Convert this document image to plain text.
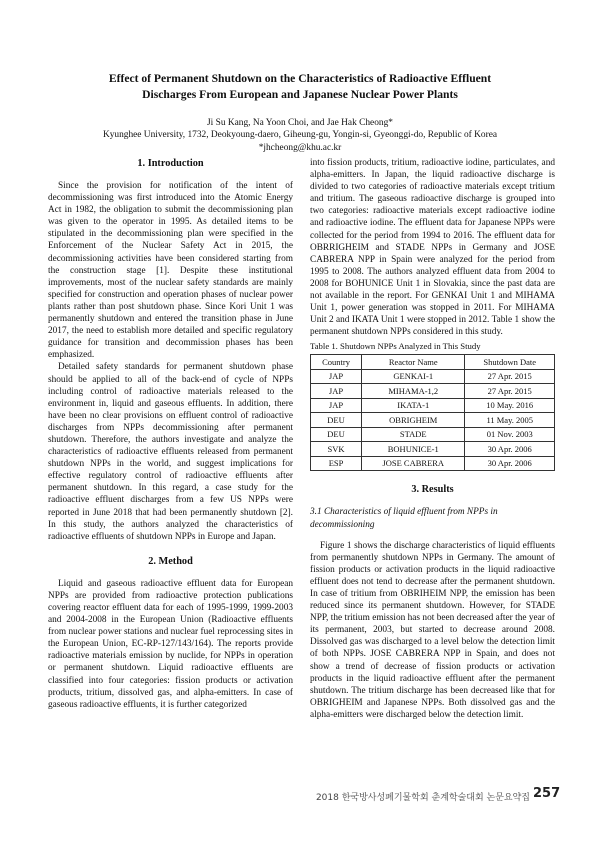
Effect of Permanent Shutdown on the Characteristics of Radioactive Effluent
Discharges From European and Japanese Nuclear Power Plants
Ji Su Kang, Na Yoon Choi, and Jae Hak Cheong*
Kyunghee University, 1732, Deokyoung-daero, Giheung-gu, Yongin-si, Gyeonggi-do, Republic of Korea
*jhcheong@khu.ac.kr
1. Introduction

Since the provision for notification of the intent of decommissioning was first introduced into the Atomic Energy Act in 1982, the obligation to submit the decommissioning plan was given to the operator in 1995. As detailed items to be stipulated in the decommissioning plan were specified in the Enforcement of the Nuclear Safety Act in 2015, the decommissioning activities have been considered starting from the construction stage [1]. Despite these institutional improvements, most of the nuclear safety standards are mainly specified for construction and operation phases of nuclear power plants rather than post shutdown phase. Since Kori Unit 1 was permanently shutdown and entered the transition phase in June 2017, the need to establish more detailed and specific regulatory guidance for transition and decommission phases has been emphasized.

Detailed safety standards for permanent shutdown phase should be applied to all of the back-end of cycle of NPPs including control of radioactive materials released to the environment in, liquid and gaseous effluents. In addition, there have been no clear provisions on effluent control of radioactive discharges from NPPs decommissioning after permanent shutdown. Therefore, the authors investigate and analyze the characteristics of radioactive effluents released from permanent shutdown NPPs in the world, and suggest implications for effective regulatory control of radioactive effluents after permanent shutdown. In this regard, a case study for the radioactive effluent discharges from a few US NPPs were reported in June 2018 that had been permanently shutdown [2]. In this study, the authors analyzed the characteristics of radioactive effluents of shutdown NPPs in Europe and Japan.

2. Method

Liquid and gaseous radioactive effluent data for European NPPs are provided from radioactive protection publications covering reactor effluent data for each of 1995-1999, 1999-2003 and 2004-2008 in the European Union (Radioactive effluents from nuclear power stations and nuclear fuel reprocessing sites in the European Union, EC-RP-127/143/164). The reports provide radioactive materials emission by nuclide, for NPPs in operation or permanent shutdown. Liquid radioactive effluents are classified into four categories: fission products or activation products, tritium, dissolved gas, and alpha-emitters. In case of gaseous radioactive effluents, it is further categorized

into fission products, tritium, radioactive iodine, particulates, and alpha-emitters. In Japan, the liquid radioactive discharge is divided to two categories of radioactive materials except tritium and tritium. The gaseous radioactive discharge is grouped into two categories: radioactive materials except radioactive iodine and radioactive iodine. The effluent data for Japanese NPPs were collected for the period from 1994 to 2016. The effluent data for OBRRIGHEIM and STADE NPPs in Germany and JOSE CABRERA NPP in Spain were analyzed for the period from 1995 to 2008. The authors analyzed effluent data from 2004 to 2008 for BOHUNICE Unit 1 in Slovakia, since the past data are not available in the report. For GENKAI Unit 1 and MIHAMA Unit 1, power generation was stopped in 2011. For MIHAMA Unit 2 and IKATA Unit 1 were stopped in 2012. Table 1 show the permanent shutdown NPPs considered in this study.

Table 1. Shutdown NPPs Analyzed in This Study
Country	Reactor Name	Shutdown Date
JAP	GENKAI-1	27 Apr. 2015
JAP	MIHAMA-1,2	27 Apr. 2015
JAP	IKATA-1	10 May. 2016
DEU	OBRIGHEIM	11 May. 2005
DEU	STADE	01 Nov. 2003
SVK	BOHUNICE-1	30 Apr. 2006
ESP	JOSE CABRERA	30 Apr. 2006
3. Results

3.1 Characteristics of liquid effluent from NPPs in decommissioning

Figure 1 shows the discharge characteristics of liquid effluents from permanently shutdown NPPs in Germany. The amount of fission products or activation products in the liquid radioactive effluent does not tend to decrease after the permanent shutdown. In case of tritium from OBRIHEIM NPP, the emission has been reduced since its permanent shutdown. However, for STADE NPP, the tritium emission has not been decreased after the year of its permanent, 2003, but started to decrease around 2008. Dissolved gas was discharged to a level below the detection limit of both NPPs. JOSE CABRERA NPP in Spain, and does not show a trend of decrease of fission products or activation products in the liquid radioactive effluent after the permanent shutdown. The tritium discharge has been decreased like that for OBRIGHEIM and Japanese NPPs. Both dissolved gas and the alpha-emitters were discharged below the detection limit.

2018 한국방사성폐기물학회 춘계학술대회 논문요약집 257
